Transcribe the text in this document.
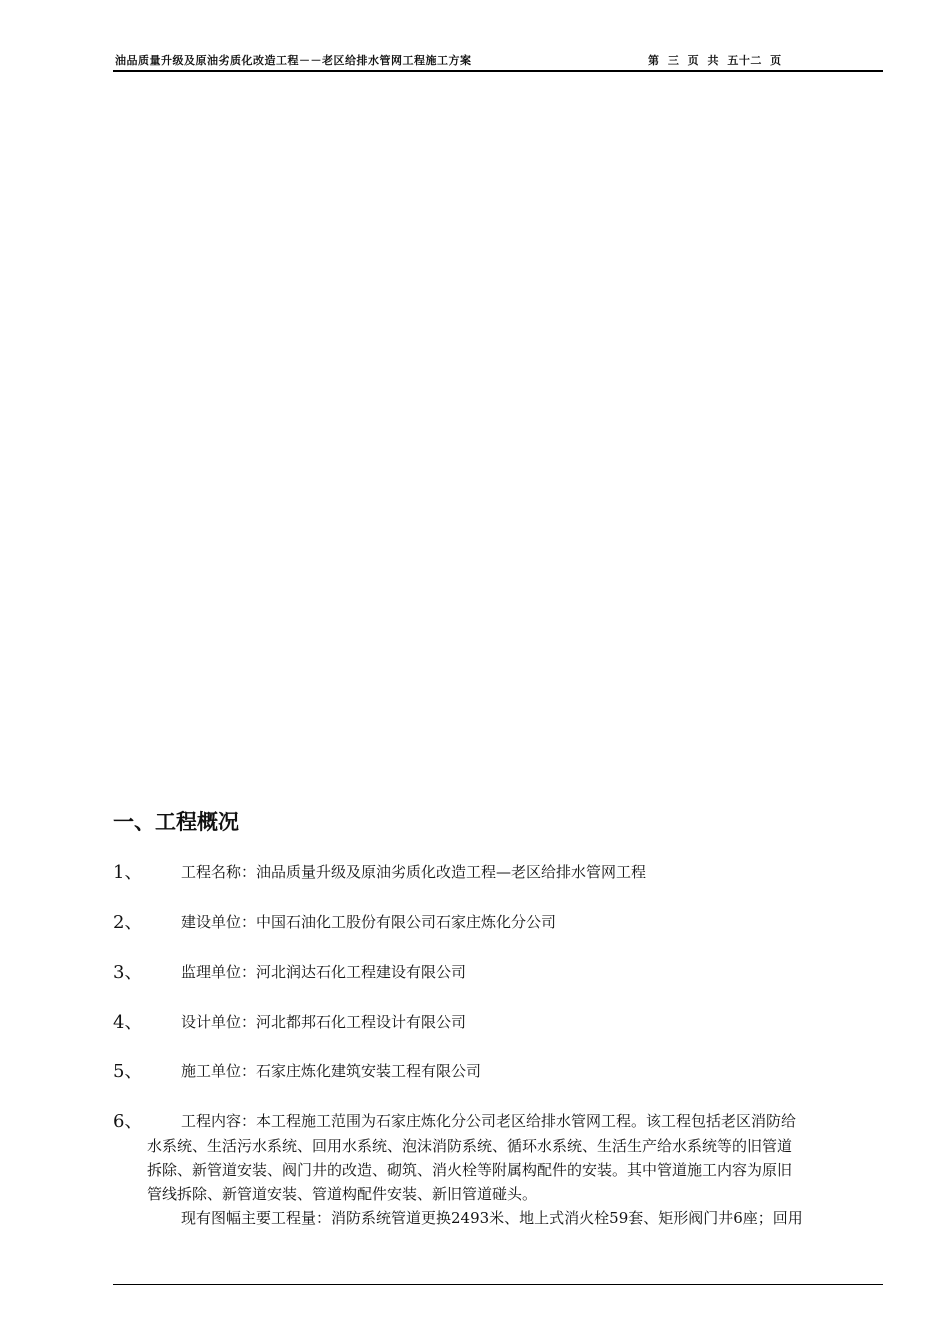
油品质量升级及原油劣质化改造工程－－老区给排水管网工程施工方案	第 三 页 共 五十二 页
一、工程概况
1、	工程名称：油品质量升级及原油劣质化改造工程—老区给排水管网工程
2、	建设单位：中国石油化工股份有限公司石家庄炼化分公司
3、	监理单位：河北润达石化工程建设有限公司
4、	设计单位：河北都邦石化工程设计有限公司
5、	施工单位：石家庄炼化建筑安装工程有限公司
6、	工程内容：本工程施工范围为石家庄炼化分公司老区给排水管网工程。该工程包括老区消防给
水系统、生活污水系统、回用水系统、泡沫消防系统、循环水系统、生活生产给水系统等的旧管道
拆除、新管道安装、阀门井的改造、砌筑、消火栓等附属构配件的安装。其中管道施工内容为原旧
管线拆除、新管道安装、管道构配件安装、新旧管道碰头。
现有图幅主要工程量：消防系统管道更换2493米、地上式消火栓59套、矩形阀门井6座；回用
